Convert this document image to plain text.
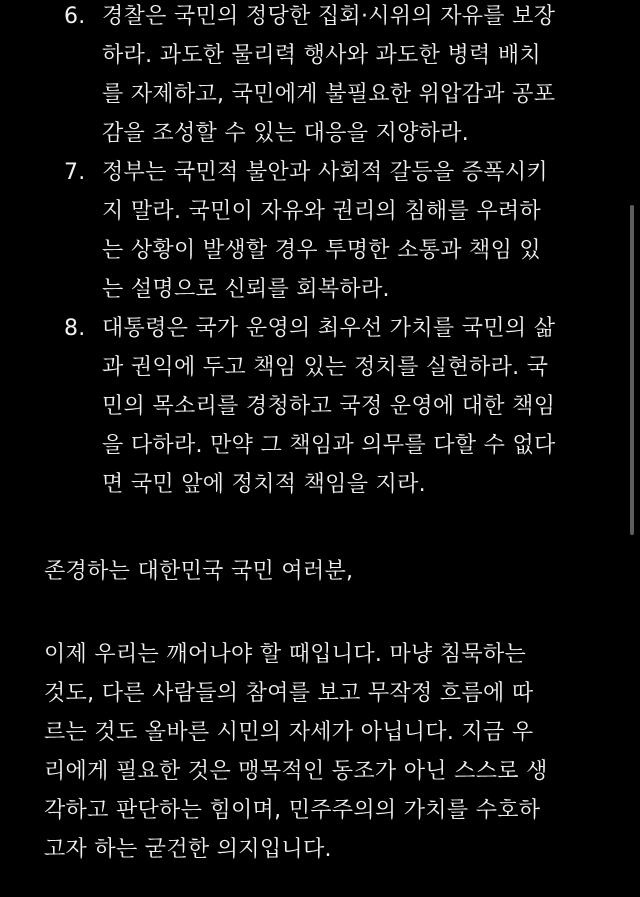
6. 경찰은 국민의 정당한 집회·시위의 자유를 보장
하라. 과도한 물리력 행사와 과도한 병력 배치
를 자제하고, 국민에게 불필요한 위압감과 공포
감을 조성할 수 있는 대응을 지양하라.
7. 정부는 국민적 불안과 사회적 갈등을 증폭시키
지 말라. 국민이 자유와 권리의 침해를 우려하
는 상황이 발생할 경우 투명한 소통과 책임 있
는 설명으로 신뢰를 회복하라.
8. 대통령은 국가 운영의 최우선 가치를 국민의 삶
과 권익에 두고 책임 있는 정치를 실현하라. 국
민의 목소리를 경청하고 국정 운영에 대한 책임
을 다하라. 만약 그 책임과 의무를 다할 수 없다
면 국민 앞에 정치적 책임을 지라.

존경하는 대한민국 국민 여러분,

이제 우리는 깨어나야 할 때입니다. 마냥 침묵하는
것도, 다른 사람들의 참여를 보고 무작정 흐름에 따
르는 것도 올바른 시민의 자세가 아닙니다. 지금 우
리에게 필요한 것은 맹목적인 동조가 아닌 스스로 생
각하고 판단하는 힘이며, 민주주의의 가치를 수호하
고자 하는 굳건한 의지입니다.
